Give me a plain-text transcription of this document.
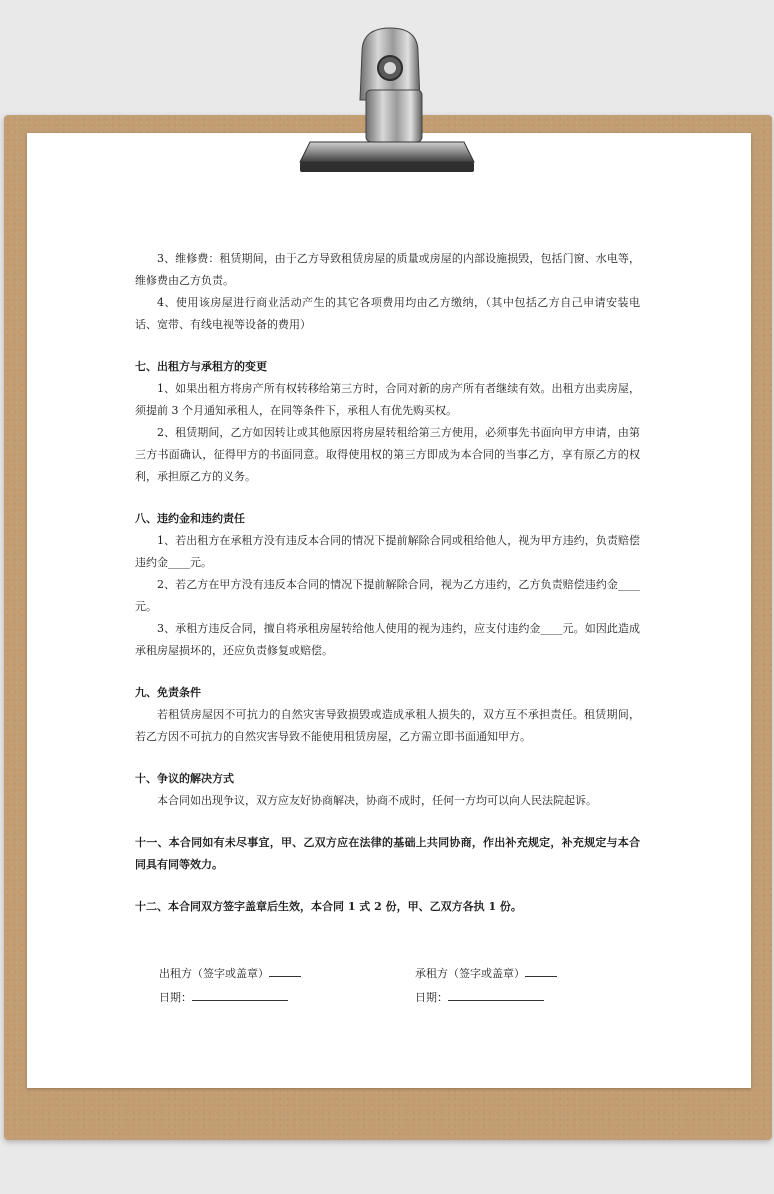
3、维修费：租赁期间，由于乙方导致租赁房屋的质量或房屋的内部设施损毁，包括门窗、水电等，维修费由乙方负责。

4、使用该房屋进行商业活动产生的其它各项费用均由乙方缴纳，（其中包括乙方自己申请安装电话、宽带、有线电视等设备的费用）

七、出租方与承租方的变更

1、如果出租方将房产所有权转移给第三方时，合同对新的房产所有者继续有效。出租方出卖房屋，须提前 3 个月通知承租人，在同等条件下，承租人有优先购买权。

2、租赁期间，乙方如因转让或其他原因将房屋转租给第三方使用，必须事先书面向甲方申请，由第三方书面确认，征得甲方的书面同意。取得使用权的第三方即成为本合同的当事乙方，享有原乙方的权利，承担原乙方的义务。

八、违约金和违约责任

1、若出租方在承租方没有违反本合同的情况下提前解除合同或租给他人，视为甲方违约，负责赔偿违约金____元。

2、若乙方在甲方没有违反本合同的情况下提前解除合同，视为乙方违约，乙方负责赔偿违约金____元。

3、承租方违反合同，擅自将承租房屋转给他人使用的视为违约，应支付违约金____元。如因此造成承租房屋损坏的，还应负责修复或赔偿。

九、免责条件

若租赁房屋因不可抗力的自然灾害导致损毁或造成承租人损失的，双方互不承担责任。租赁期间，若乙方因不可抗力的自然灾害导致不能使用租赁房屋，乙方需立即书面通知甲方。

十、争议的解决方式

本合同如出现争议，双方应友好协商解决，协商不成时，任何一方均可以向人民法院起诉。

十一、本合同如有未尽事宜，甲、乙双方应在法律的基础上共同协商，作出补充规定，补充规定与本合同具有同等效力。

十二、本合同双方签字盖章后生效，本合同 1 式 2 份，甲、乙双方各执 1 份。

出租方（签字或盖章）
日期：
承租方（签字或盖章）
日期：
